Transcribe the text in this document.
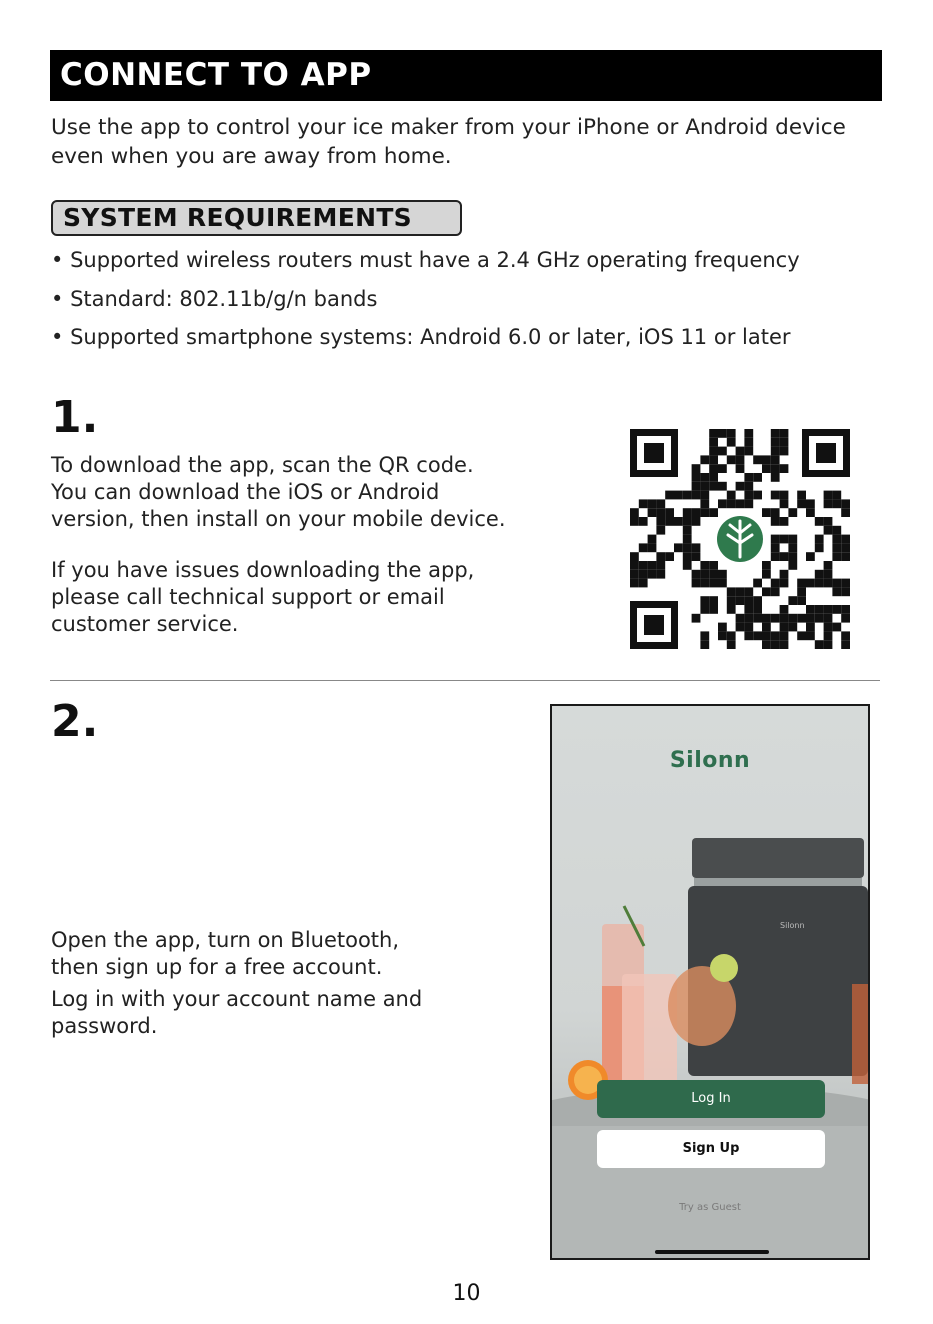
CONNECT TO APP

Use the app to control your ice maker from your iPhone or Android device even when you are away from home.

SYSTEM REQUIREMENTS
• Supported wireless routers must have a 2.4 GHz operating frequency
• Standard: 802.11b/g/n bands
• Supported smartphone systems: Android 6.0 or later, iOS 11 or later
1.

To download the app, scan the QR code.
You can download the iOS or Android
version, then install on your mobile device.

If you have issues downloading the app,
please call technical support or email
customer service.

2.

Open the app, turn on Bluetooth,
then sign up for a free account.

Log in with your account name and
password.

Silonn
Silonn
Log In
Sign Up
Try as Guest
10
